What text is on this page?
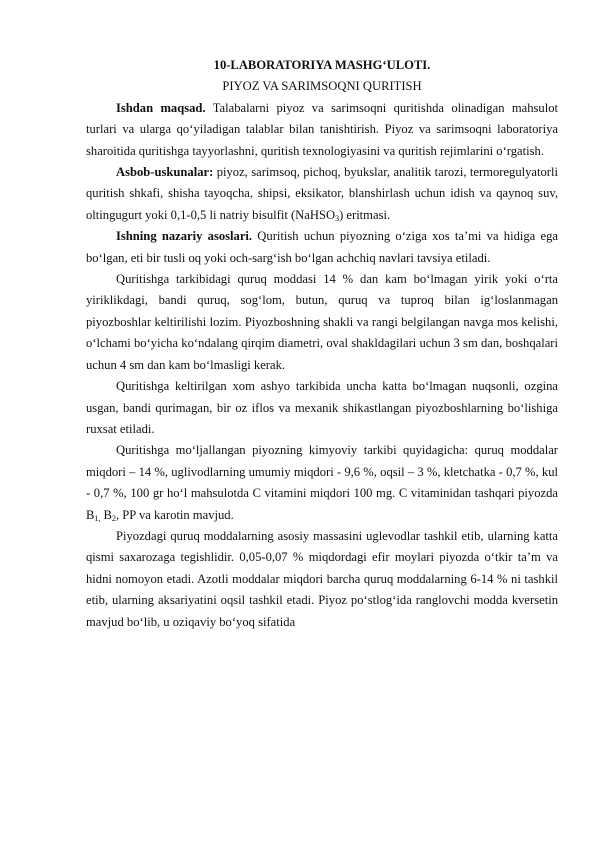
10-LABORATORIYA MASHG‘ULOTI.

PIYOZ VA SARIMSOQNI QURITISH

Ishdan maqsad. Talabalarni piyoz va sarimsoqni quritishda olinadigan mahsulot turlari va ularga qo‘yiladigan talablar bilan tanishtirish. Piyoz va sarimsoqni laboratoriya sharoitida quritishga tayyorlashni, quritish texnologiyasini va quritish rejimlarini o‘rgatish.

Asbob-uskunalar: piyoz, sarimsoq, pichoq, byukslar, analitik tarozi, termoregulyatorli quritish shkafi, shisha tayoqcha, shipsi, eksikator, blanshirlash uchun idish va qaynoq suv, oltingugurt yoki 0,1-0,5 li natriy bisulfit (NaHSO$_3$) eritmasi.

Ishning nazariy asoslari. Quritish uchun piyozning o‘ziga xos ta’mi va hidiga ega bo‘lgan, eti bir tusli oq yoki och-sarg‘ish bo‘lgan achchiq navlari tavsiya etiladi.

Quritishga tarkibidagi quruq moddasi 14 % dan kam bo‘lmagan yirik yoki o‘rta yiriklikdagi, bandi quruq, sog‘lom, butun, quruq va tuproq bilan ig‘loslanmagan piyozboshlar keltirilishi lozim. Piyozboshning shakli va rangi belgilangan navga mos kelishi, o‘lchami bo‘yicha ko‘ndalang qirqim diametri, oval shakldagilari uchun 3 sm dan, boshqalari uchun 4 sm dan kam bo‘lmasligi kerak.

Quritishga keltirilgan xom ashyo tarkibida uncha katta bo‘lmagan nuqsonli, ozgina usgan, bandi qurimagan, bir oz iflos va mexanik shikastlangan piyozboshlarning bo‘lishiga ruxsat etiladi.

Quritishga mo‘ljallangan piyozning kimyoviy tarkibi quyidagicha: quruq moddalar miqdori – 14 %, uglivodlarning umumiy miqdori - 9,6 %, oqsil – 3 %, kletchatka - 0,7 %, kul - 0,7 %, 100 gr ho‘l mahsulotda C vitamini miqdori 100 mg. C vitaminidan tashqari piyozda $B_{1,}$ $B_2$, PP va karotin mavjud.

Piyozdagi quruq moddalarning asosiy massasini uglevodlar tashkil etib, ularning katta qismi saxarozaga tegishlidir. 0,05-0,07 % miqdordagi efir moylari piyozda o‘tkir ta’m va hidni nomoyon etadi. Azotli moddalar miqdori barcha quruq moddalarning 6-14 % ni tashkil etib, ularning aksariyatini oqsil tashkil etadi. Piyoz po‘stlog‘ida ranglovchi modda kversetin mavjud bo‘lib, u oziqaviy bo‘yoq sifatida
